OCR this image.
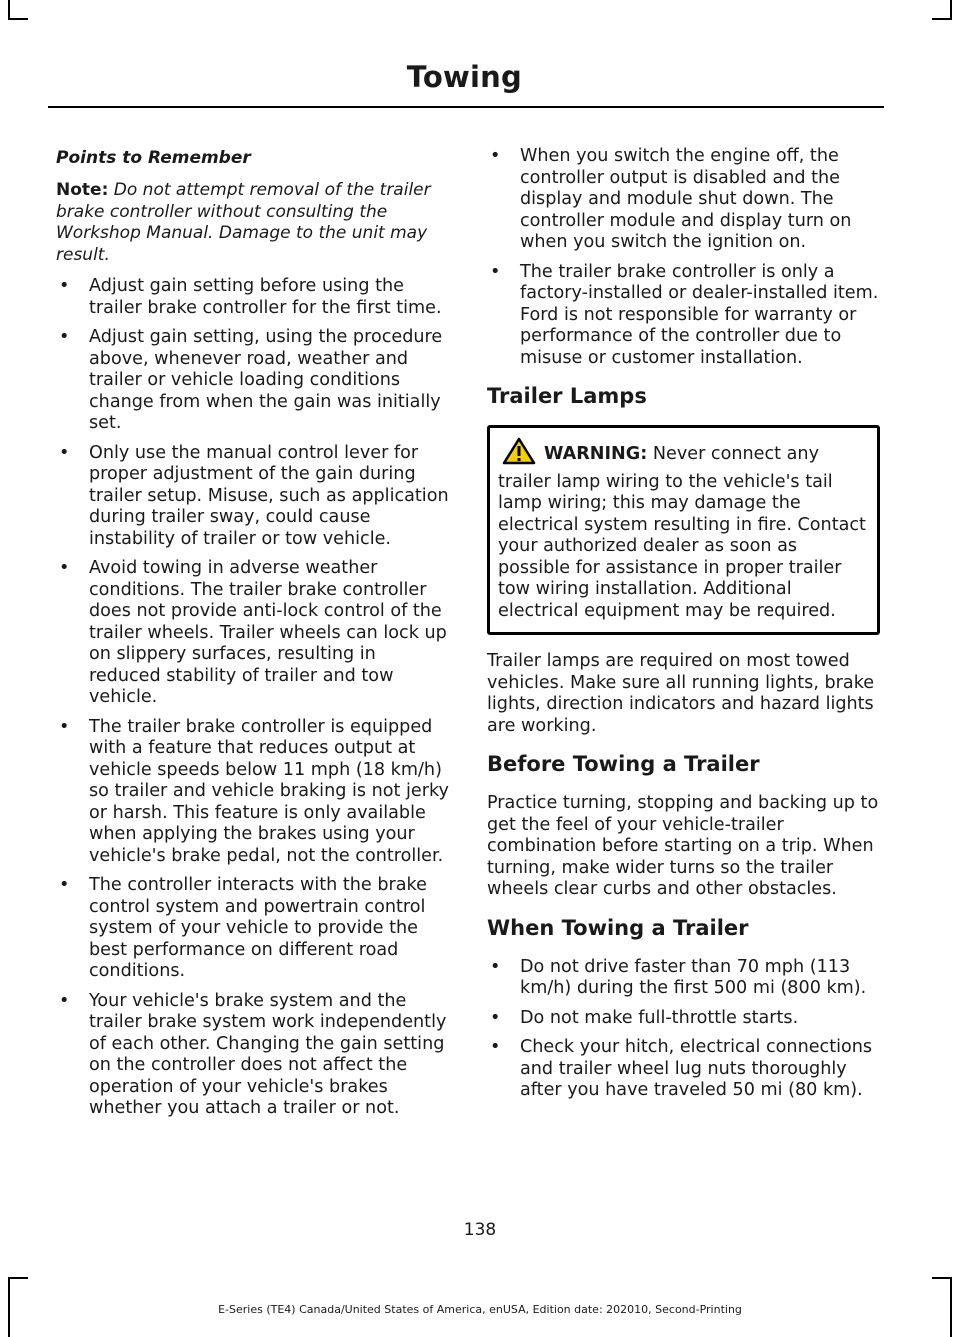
Towing
Points to Remember

Note: Do not attempt removal of the trailer brake controller without consulting the Workshop Manual. Damage to the unit may result.

• Adjust gain setting before using the trailer brake controller for the first time.
• Adjust gain setting, using the procedure above, whenever road, weather and trailer or vehicle loading conditions change from when the gain was initially set.
• Only use the manual control lever for proper adjustment of the gain during trailer setup. Misuse, such as application during trailer sway, could cause instability of trailer or tow vehicle.
• Avoid towing in adverse weather conditions. The trailer brake controller does not provide anti-lock control of the trailer wheels. Trailer wheels can lock up on slippery surfaces, resulting in reduced stability of trailer and tow vehicle.
• The trailer brake controller is equipped with a feature that reduces output at vehicle speeds below 11 mph (18 km/h) so trailer and vehicle braking is not jerky or harsh. This feature is only available when applying the brakes using your vehicle's brake pedal, not the controller.
• The controller interacts with the brake control system and powertrain control system of your vehicle to provide the best performance on different road conditions.
• Your vehicle's brake system and the trailer brake system work independently of each other. Changing the gain setting on the controller does not affect the operation of your vehicle's brakes whether you attach a trailer or not.
• When you switch the engine off, the controller output is disabled and the display and module shut down. The controller module and display turn on when you switch the ignition on.
• The trailer brake controller is only a factory-installed or dealer-installed item. Ford is not responsible for warranty or performance of the controller due to misuse or customer installation.
Trailer Lamps
WARNING: Never connect any trailer lamp wiring to the vehicle's tail lamp wiring; this may damage the electrical system resulting in fire. Contact your authorized dealer as soon as possible for assistance in proper trailer tow wiring installation. Additional electrical equipment may be required.

Trailer lamps are required on most towed vehicles. Make sure all running lights, brake lights, direction indicators and hazard lights are working.

Before Towing a Trailer

Practice turning, stopping and backing up to get the feel of your vehicle-trailer combination before starting on a trip. When turning, make wider turns so the trailer wheels clear curbs and other obstacles.

When Towing a Trailer
• Do not drive faster than 70 mph (113 km/h) during the first 500 mi (800 km).
• Do not make full-throttle starts.
• Check your hitch, electrical connections and trailer wheel lug nuts thoroughly after you have traveled 50 mi (80 km).
138
E-Series (TE4) Canada/United States of America, enUSA, Edition date: 202010, Second-Printing
